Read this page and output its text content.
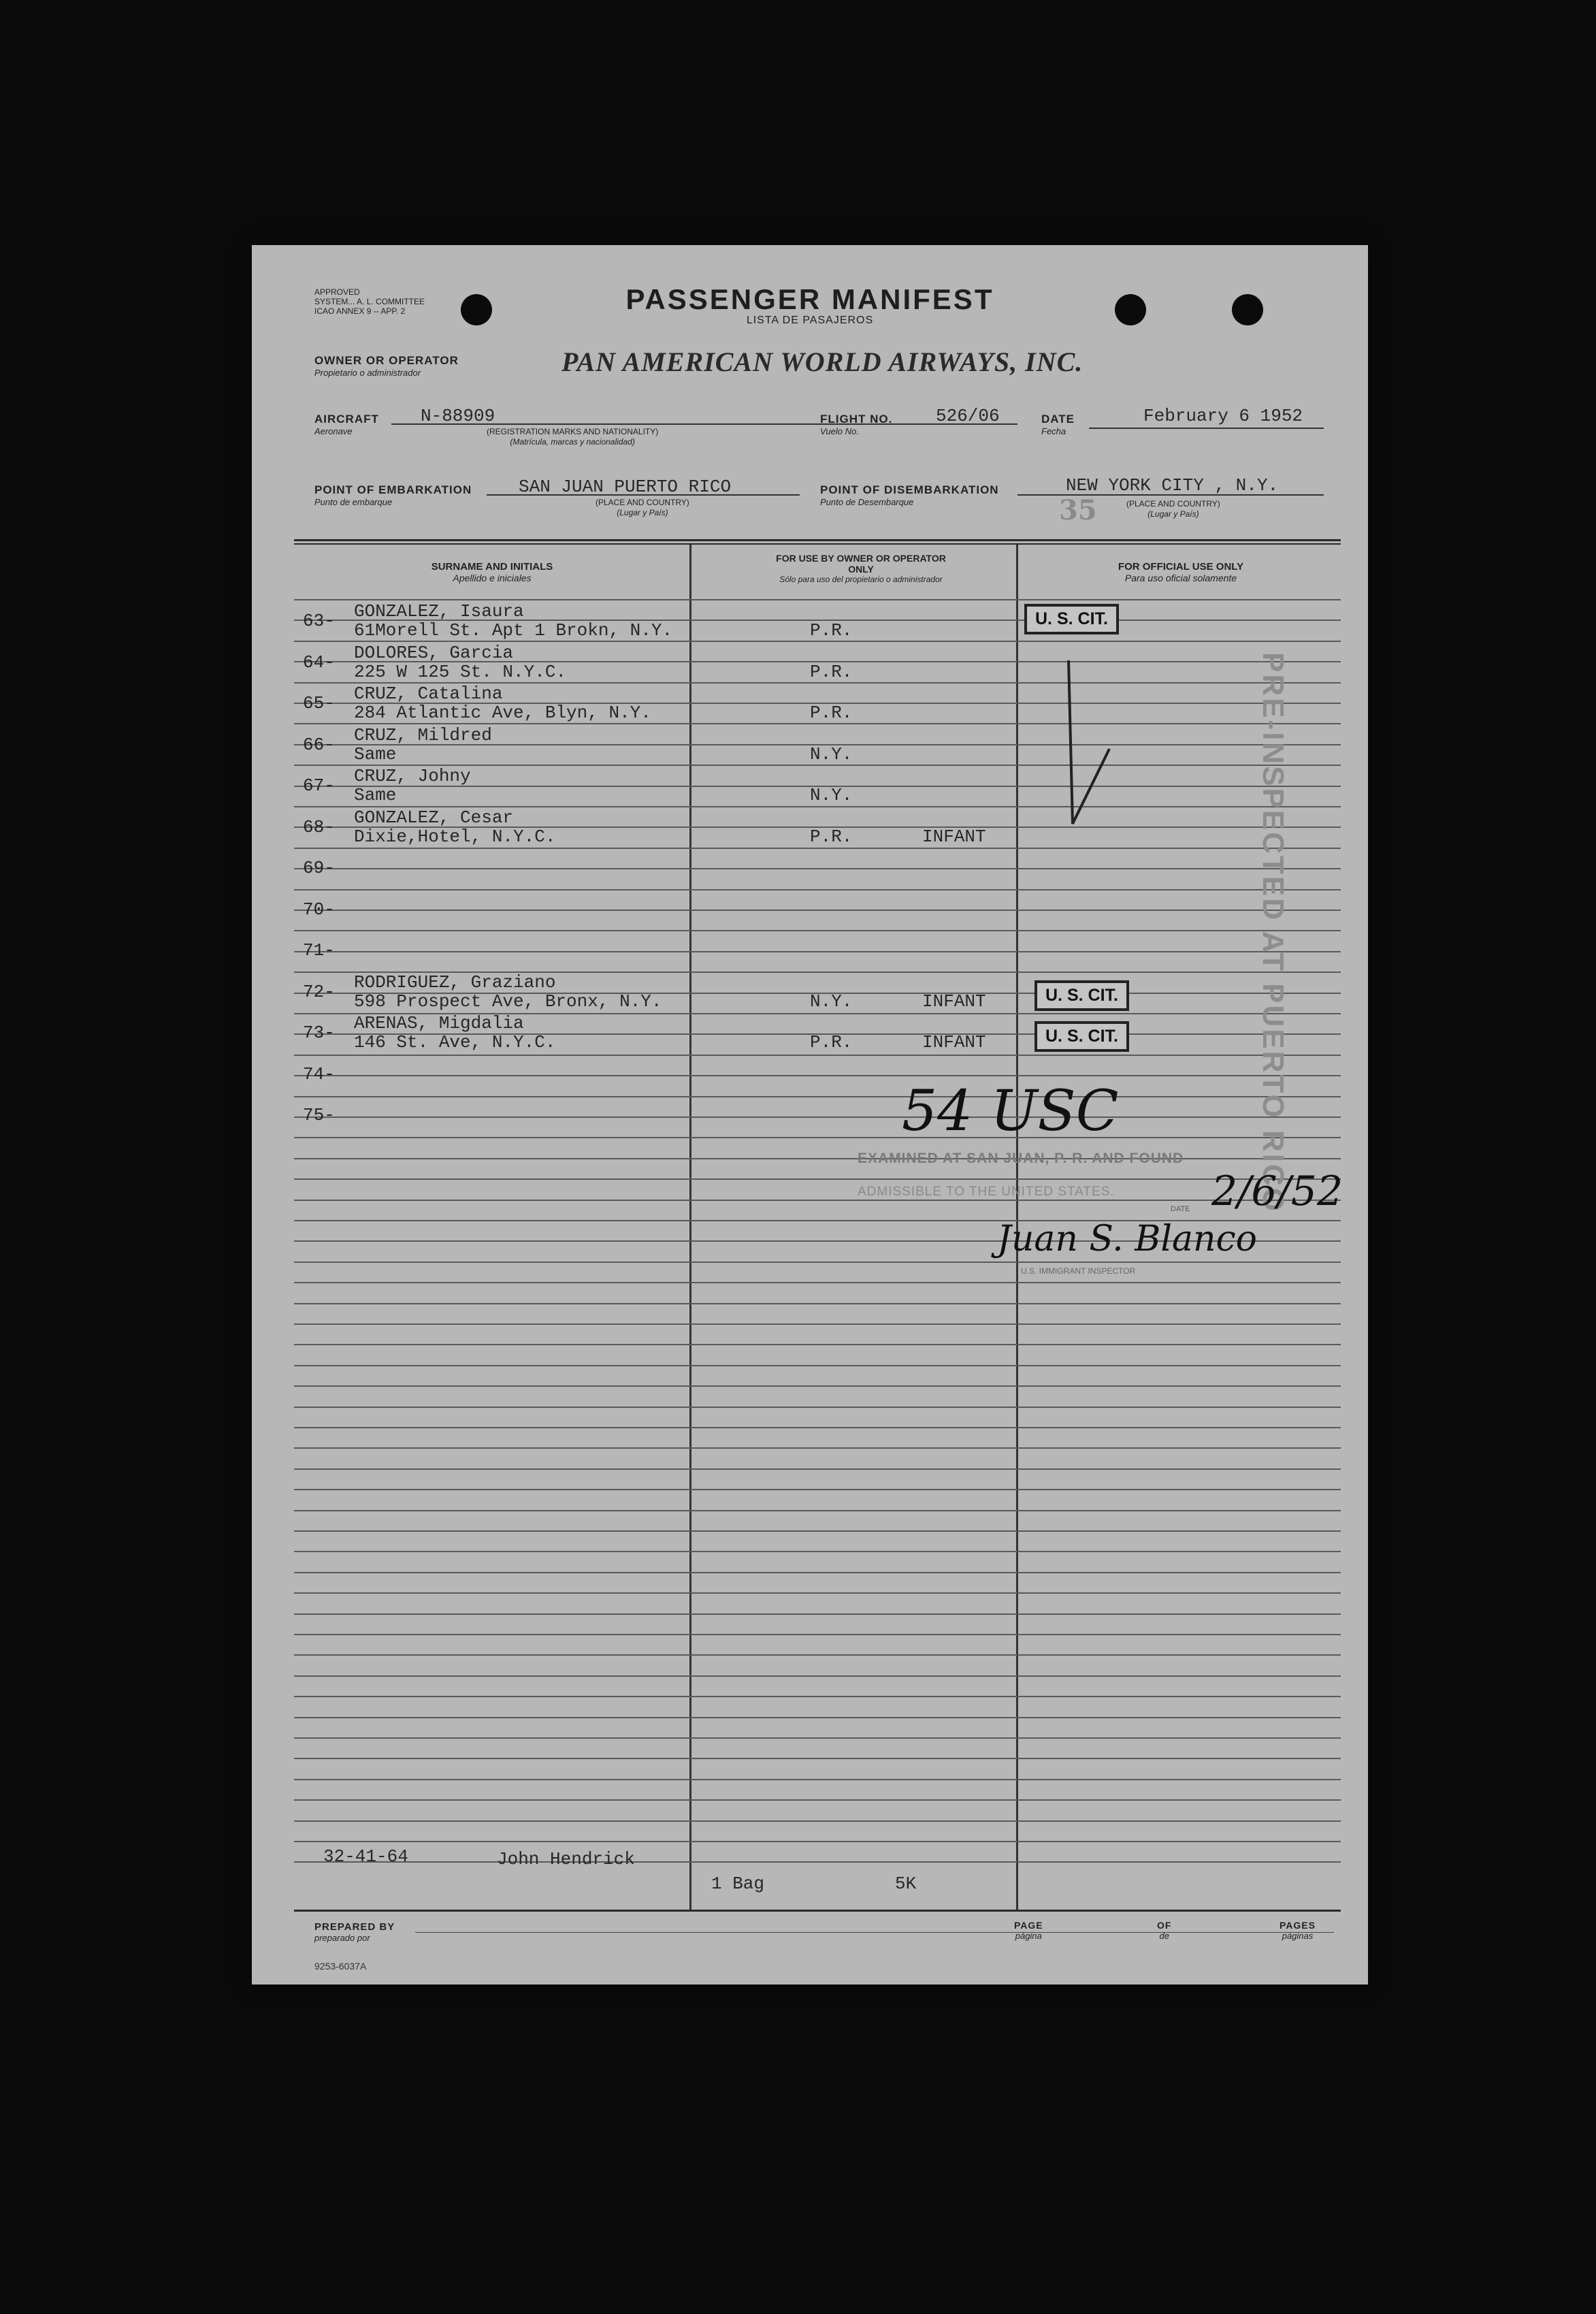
APPROVED
SYSTEM... A. L. COMMITTEE
ICAO ANNEX 9 -- APP. 2	PASSENGER MANIFEST
LISTA DE PASAJEROS
OWNER OR OPERATOR
Propietario o administrador	PAN AMERICAN WORLD AIRWAYS, INC.
AIRCRAFT
Aeronave
N-88909
(REGISTRATION MARKS AND NATIONALITY)
(Matrícula, marcas y nacionalidad)
FLIGHT NO.
Vuelo No.
526/06	DATE
Fecha
February 6 1952
POINT OF EMBARKATION
Punto de embarque
SAN JUAN PUERTO RICO
(PLACE AND COUNTRY)
(Lugar y País)
POINT OF DISEMBARKATION
Punto de Desembarque
NEW YORK CITY , N.Y.
35	(PLACE AND COUNTRY)
(Lugar y País)
SURNAME AND INITIALS
Apellido e iniciales
FOR USE BY OWNER OR OPERATOR ONLY
Sólo para uso del propietario o administrador
FOR OFFICIAL USE ONLY
Para uso oficial solamente
63- GONZALEZ, Isaura
61Morell St. Apt 1 Brokn, N.Y.	P.R.
U. S. CIT.
64- DOLORES, Garcia
225 W 125 St. N.Y.C.	P.R.
65- CRUZ, Catalina
284 Atlantic Ave, Blyn, N.Y.	P.R.
66- CRUZ, Mildred
Same	N.Y.
67- CRUZ, Johny
Same	N.Y.
68- GONZALEZ, Cesar
Dixie,Hotel, N.Y.C.	P.R.	INFANT
69-
70-
71-
72- RODRIGUEZ, Graziano
598 Prospect Ave, Bronx, N.Y.	N.Y.	INFANT	U. S. CIT.
73- ARENAS, Migdalia
146 St. Ave, N.Y.C.	P.R.	INFANT	U. S. CIT.
74-
75-	PRE-INSPECTED AT PUERTO RICO
54 USC
EXAMINED AT SAN JUAN, P. R. AND FOUND
ADMISSIBLE TO THE UNITED STATES.
DATE 2/6/52
Juan S. Blanco
U.S. IMMIGRANT INSPECTOR
32-41-64	John Hendrick
1 Bag	5K
PREPARED BY
preparado por
PAGE
página
OF
de
PAGES
páginas
9253-6037A
